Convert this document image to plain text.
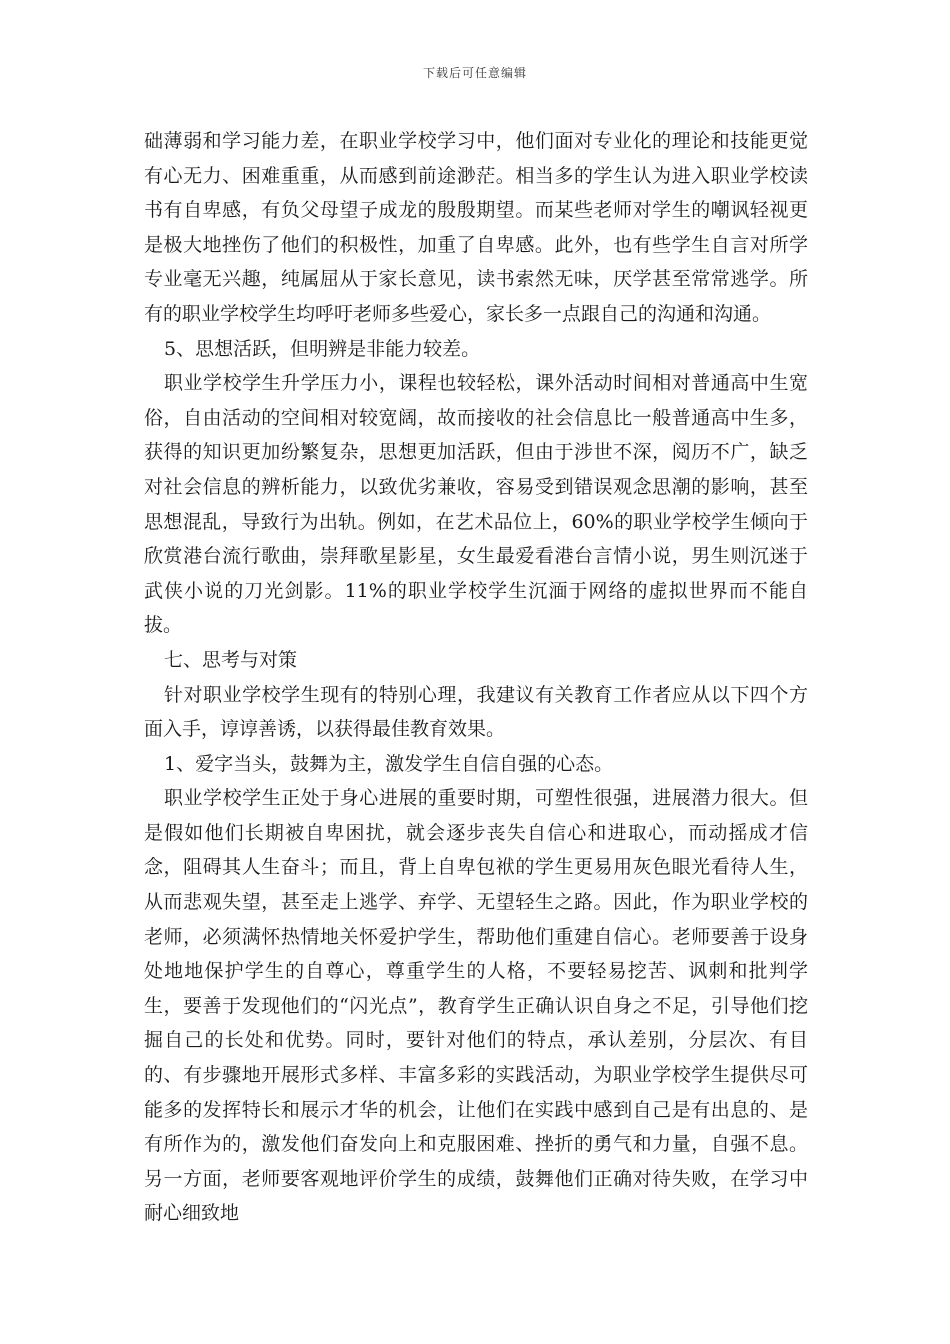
下载后可任意编辑

础薄弱和学习能力差，在职业学校学习中，他们面对专业化的理论和技能更觉有心无力、困难重重，从而感到前途渺茫。相当多的学生认为进入职业学校读书有自卑感，有负父母望子成龙的殷殷期望。而某些老师对学生的嘲讽轻视更是极大地挫伤了他们的积极性，加重了自卑感。此外，也有些学生自言对所学专业毫无兴趣，纯属屈从于家长意见，读书索然无味，厌学甚至常常逃学。所有的职业学校学生均呼吁老师多些爱心，家长多一点跟自己的沟通和沟通。

5、思想活跃，但明辨是非能力较差。

职业学校学生升学压力小，课程也较轻松，课外活动时间相对普通高中生宽俗，自由活动的空间相对较宽阔，故而接收的社会信息比一般普通高中生多，获得的知识更加纷繁复杂，思想更加活跃，但由于涉世不深，阅历不广，缺乏对社会信息的辨析能力，以致优劣兼收，容易受到错误观念思潮的影响，甚至思想混乱，导致行为出轨。例如，在艺术品位上，60%的职业学校学生倾向于欣赏港台流行歌曲，崇拜歌星影星，女生最爱看港台言情小说，男生则沉迷于武侠小说的刀光剑影。11%的职业学校学生沉湎于网络的虚拟世界而不能自拔。

七、思考与对策

针对职业学校学生现有的特别心理，我建议有关教育工作者应从以下四个方面入手，谆谆善诱，以获得最佳教育效果。

1、爱字当头，鼓舞为主，激发学生自信自强的心态。

职业学校学生正处于身心进展的重要时期，可塑性很强，进展潜力很大。但是假如他们长期被自卑困扰，就会逐步丧失自信心和进取心，而动摇成才信念，阻碍其人生奋斗；而且，背上自卑包袱的学生更易用灰色眼光看待人生，从而悲观失望，甚至走上逃学、弃学、无望轻生之路。因此，作为职业学校的老师，必须满怀热情地关怀爱护学生，帮助他们重建自信心。老师要善于设身处地地保护学生的自尊心，尊重学生的人格，不要轻易挖苦、讽刺和批判学生，要善于发现他们的“闪光点”，教育学生正确认识自身之不足，引导他们挖掘自己的长处和优势。同时，要针对他们的特点，承认差别，分层次、有目的、有步骤地开展形式多样、丰富多彩的实践活动，为职业学校学生提供尽可能多的发挥特长和展示才华的机会，让他们在实践中感到自己是有出息的、是有所作为的，激发他们奋发向上和克服困难、挫折的勇气和力量，自强不息。另一方面，老师要客观地评价学生的成绩，鼓舞他们正确对待失败，在学习中耐心细致地
